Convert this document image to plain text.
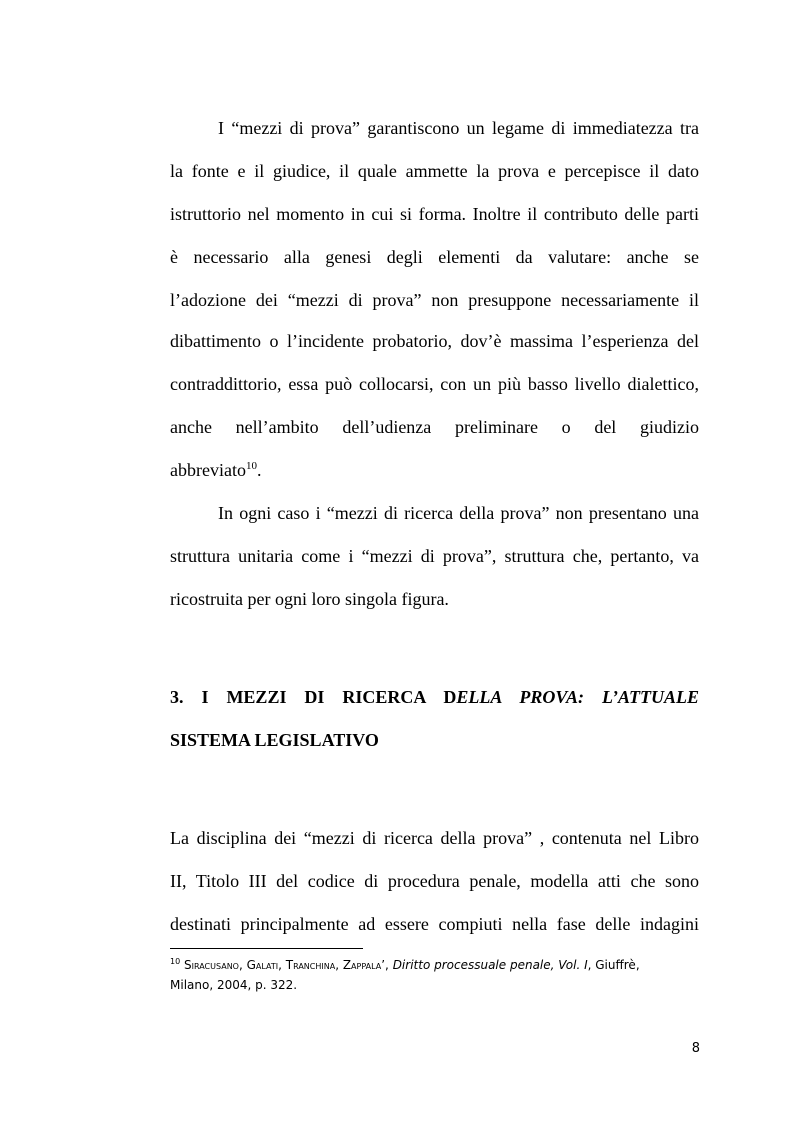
I “mezzi di prova” garantiscono un legame di immediatezza tra
la fonte e il giudice, il quale ammette la prova e percepisce il dato
istruttorio nel momento in cui si forma. Inoltre il contributo delle parti
è necessario alla genesi degli elementi da valutare: anche se
l’adozione dei “mezzi di prova” non presuppone necessariamente il
dibattimento o l’incidente probatorio, dov’è massima l’esperienza del
contraddittorio, essa può collocarsi, con un più basso livello dialettico,
anche nell’ambito dell’udienza preliminare o del giudizio
abbreviato$^{10}$.
In ogni caso i “mezzi di ricerca della prova” non presentano una
struttura unitaria come i “mezzi di prova”, struttura che, pertanto, va
ricostruita per ogni loro singola figura.
3. I MEZZI DI RICERCA DELLA PROVA: L’ATTUALE
SISTEMA LEGISLATIVO
La disciplina dei “mezzi di ricerca della prova” , contenuta nel Libro
II, Titolo III del codice di procedura penale, modella atti che sono
destinati principalmente ad essere compiuti nella fase delle indagini
$^{10}$ Siracusano, Galati, Tranchina, Zappala’, Diritto processuale penale, Vol. I, Giuffrè,
Milano, 2004, p. 322.
8
